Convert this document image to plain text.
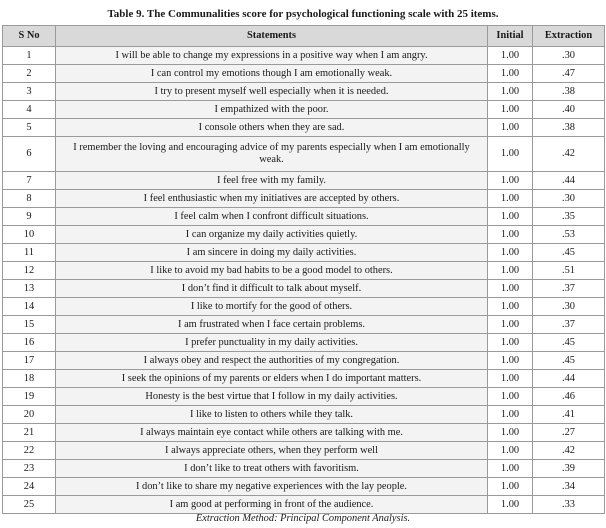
Table 9. The Communalities score for psychological functioning scale with 25 items.
S No	Statements	Initial	Extraction
1	I will be able to change my expressions in a positive way when I am angry.	1.00	.30
2	I can control my emotions though I am emotionally weak.	1.00	.47
3	I try to present myself well especially when it is needed.	1.00	.38
4	I empathized with the poor.	1.00	.40
5	I console others when they are sad.	1.00	.38
6	I remember the loving and encouraging advice of my parents especially when I am emotionally weak.	1.00	.42
7	I feel free with my family.	1.00	.44
8	I feel enthusiastic when my initiatives are accepted by others.	1.00	.30
9	I feel calm when I confront difficult situations.	1.00	.35
10	I can organize my daily activities quietly.	1.00	.53
11	I am sincere in doing my daily activities.	1.00	.45
12	I like to avoid my bad habits to be a good model to others.	1.00	.51
13	I don’t find it difficult to talk about myself.	1.00	.37
14	I like to mortify for the good of others.	1.00	.30
15	I am frustrated when I face certain problems.	1.00	.37
16	I prefer punctuality in my daily activities.	1.00	.45
17	I always obey and respect the authorities of my congregation.	1.00	.45
18	I seek the opinions of my parents or elders when I do important matters.	1.00	.44
19	Honesty is the best virtue that I follow in my daily activities.	1.00	.46
20	I like to listen to others while they talk.	1.00	.41
21	I always maintain eye contact while others are talking with me.	1.00	.27
22	I always appreciate others, when they perform well	1.00	.42
23	I don’t like to treat others with favoritism.	1.00	.39
24	I don’t like to share my negative experiences with the lay people.	1.00	.34
25	I am good at performing in front of the audience.	1.00	.33
Extraction Method: Principal Component Analysis.
